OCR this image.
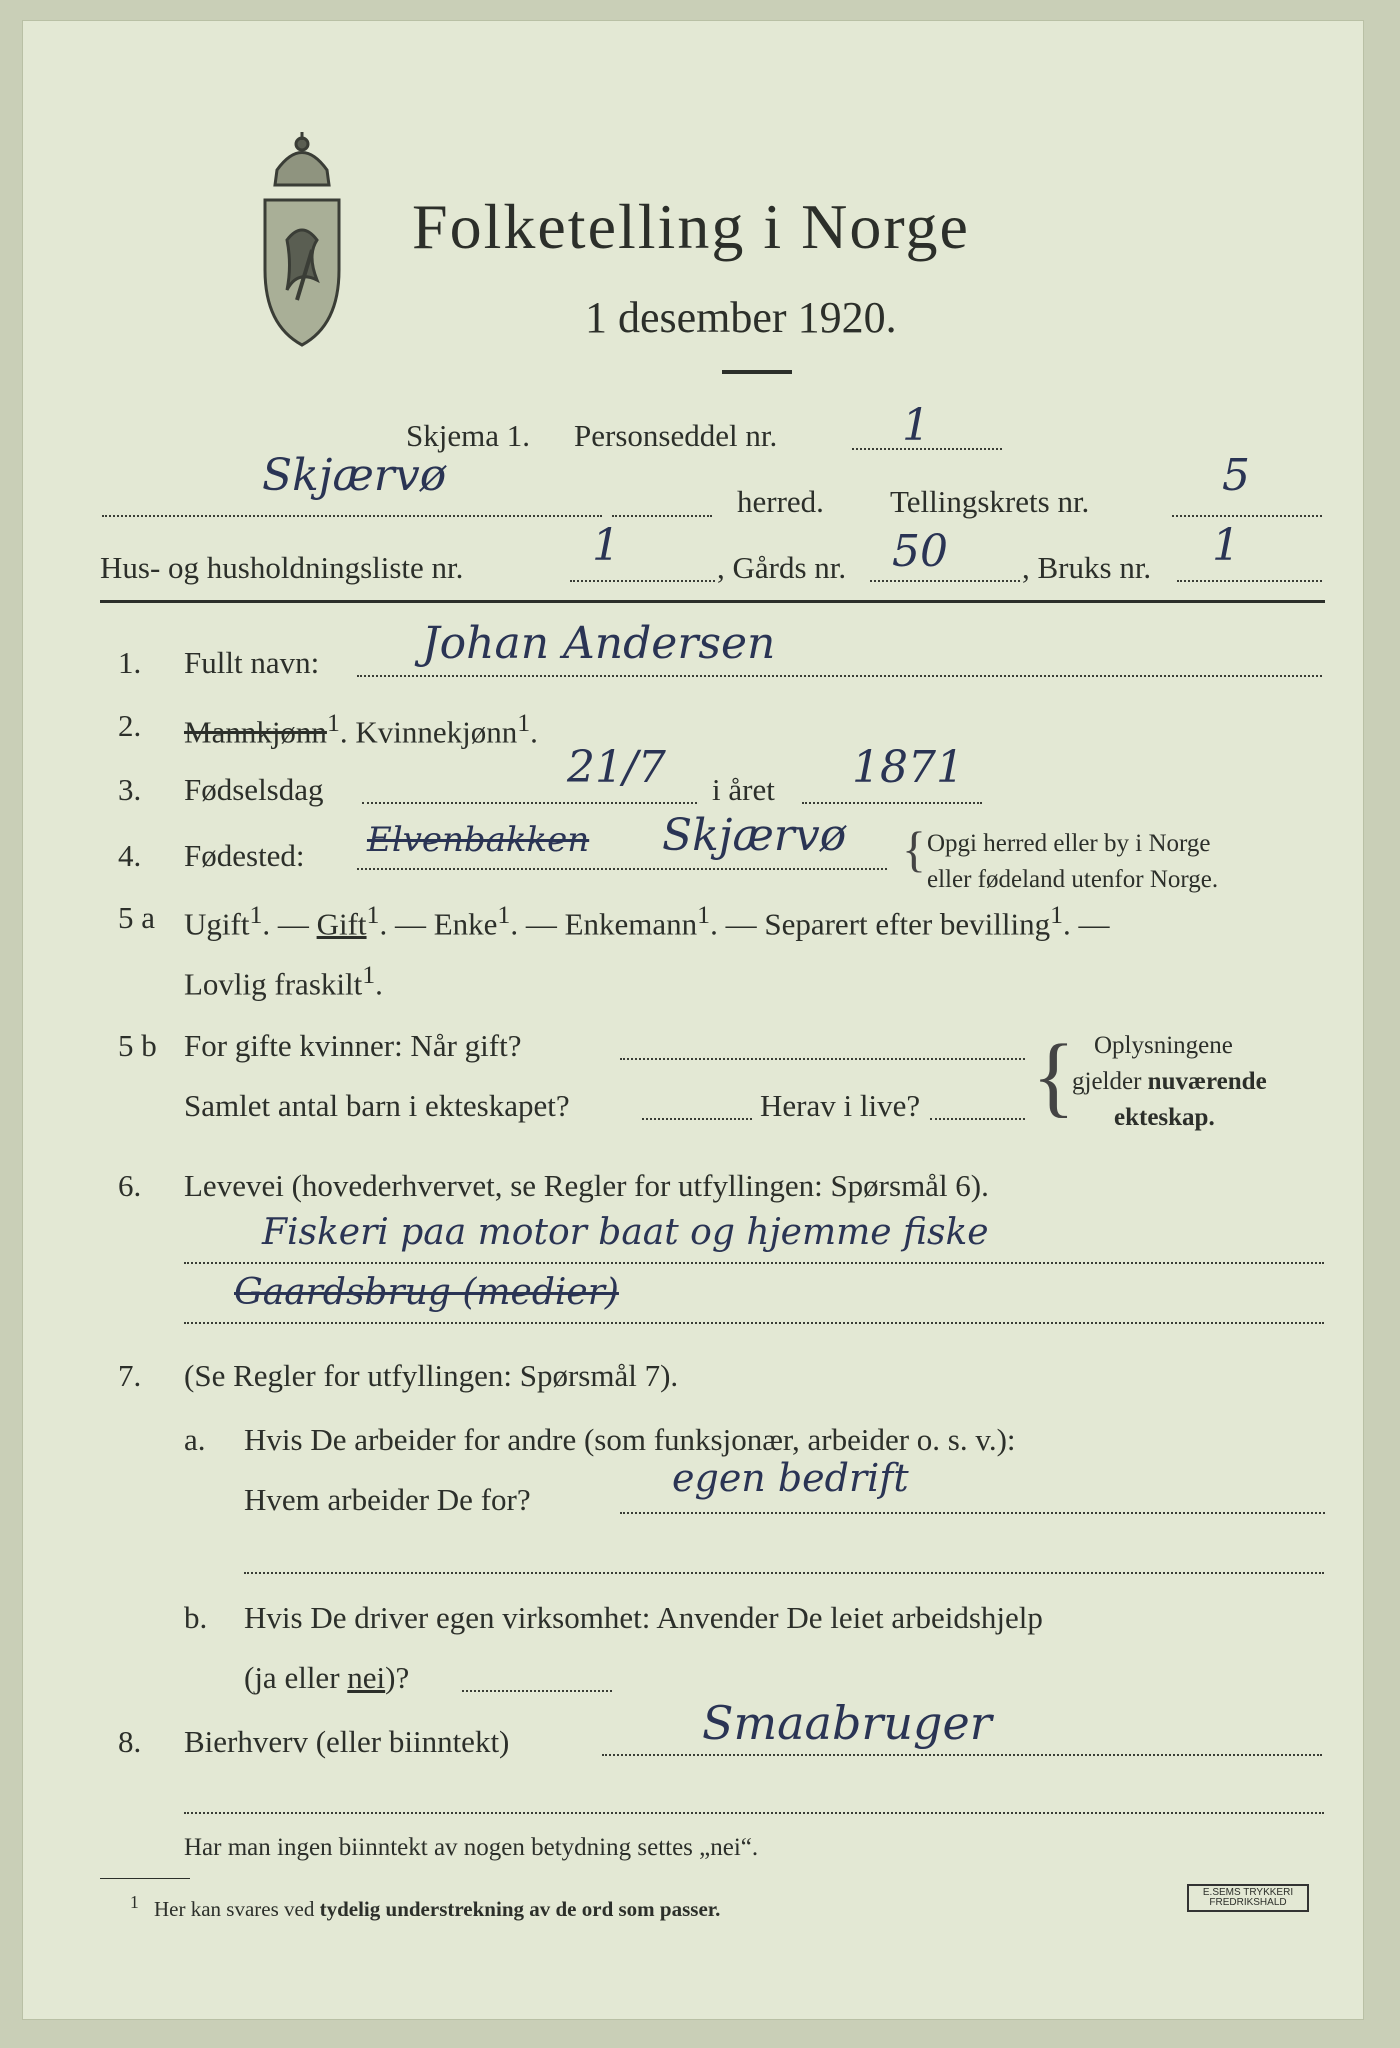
Folketelling i Norge
1 desember 1920.
Skjema 1. Personseddel nr.	1
Skjærvø
herred. Tellingskrets nr.
5
Hus- og husholdningsliste nr.	1	, Gårds nr. 50 , Bruks nr. 1
1. Fullt navn: Johan Andersen
2. Mannkjønn$^1$. Kvinnekjønn$^1$.
3. Fødselsdag	21/7 i året 1871
4. Fødested: Elvenbakken Skjærvø { Opgi herred eller by i Norge
eller fødeland utenfor Norge.
5 a Ugift$^1$. — Gift$^1$. — Enke$^1$. — Enkemann$^1$. — Separert efter bevilling$^1$. —
Lovlig fraskilt$^1$.
5 b For gifte kvinner: Når gift?
Samlet antal barn i ekteskapet?	Herav i live? { Oplysningene
gjelder nuværende
ekteskap.
6. Levevei (hovederhvervet, se Regler for utfyllingen: Spørsmål 6).
Fiskeri paa motor baat og hjemme fiske
Gaardsbrug (medier)
7. (Se Regler for utfyllingen: Spørsmål 7).
a. Hvis De arbeider for andre (som funksjonær, arbeider o. s. v.):
Hvem arbeider De for?	egen bedrift
b. Hvis De driver egen virksomhet: Anvender De leiet arbeidshjelp
(ja eller nei)?
8. Bierhverv (eller biinntekt)	Smaabruger
Har man ingen biinntekt av nogen betydning settes „nei“.
$^1$ Her kan svares ved tydelig understrekning av de ord som passer.
E.SEMS TRYKKERI
FREDRIKSHALD
